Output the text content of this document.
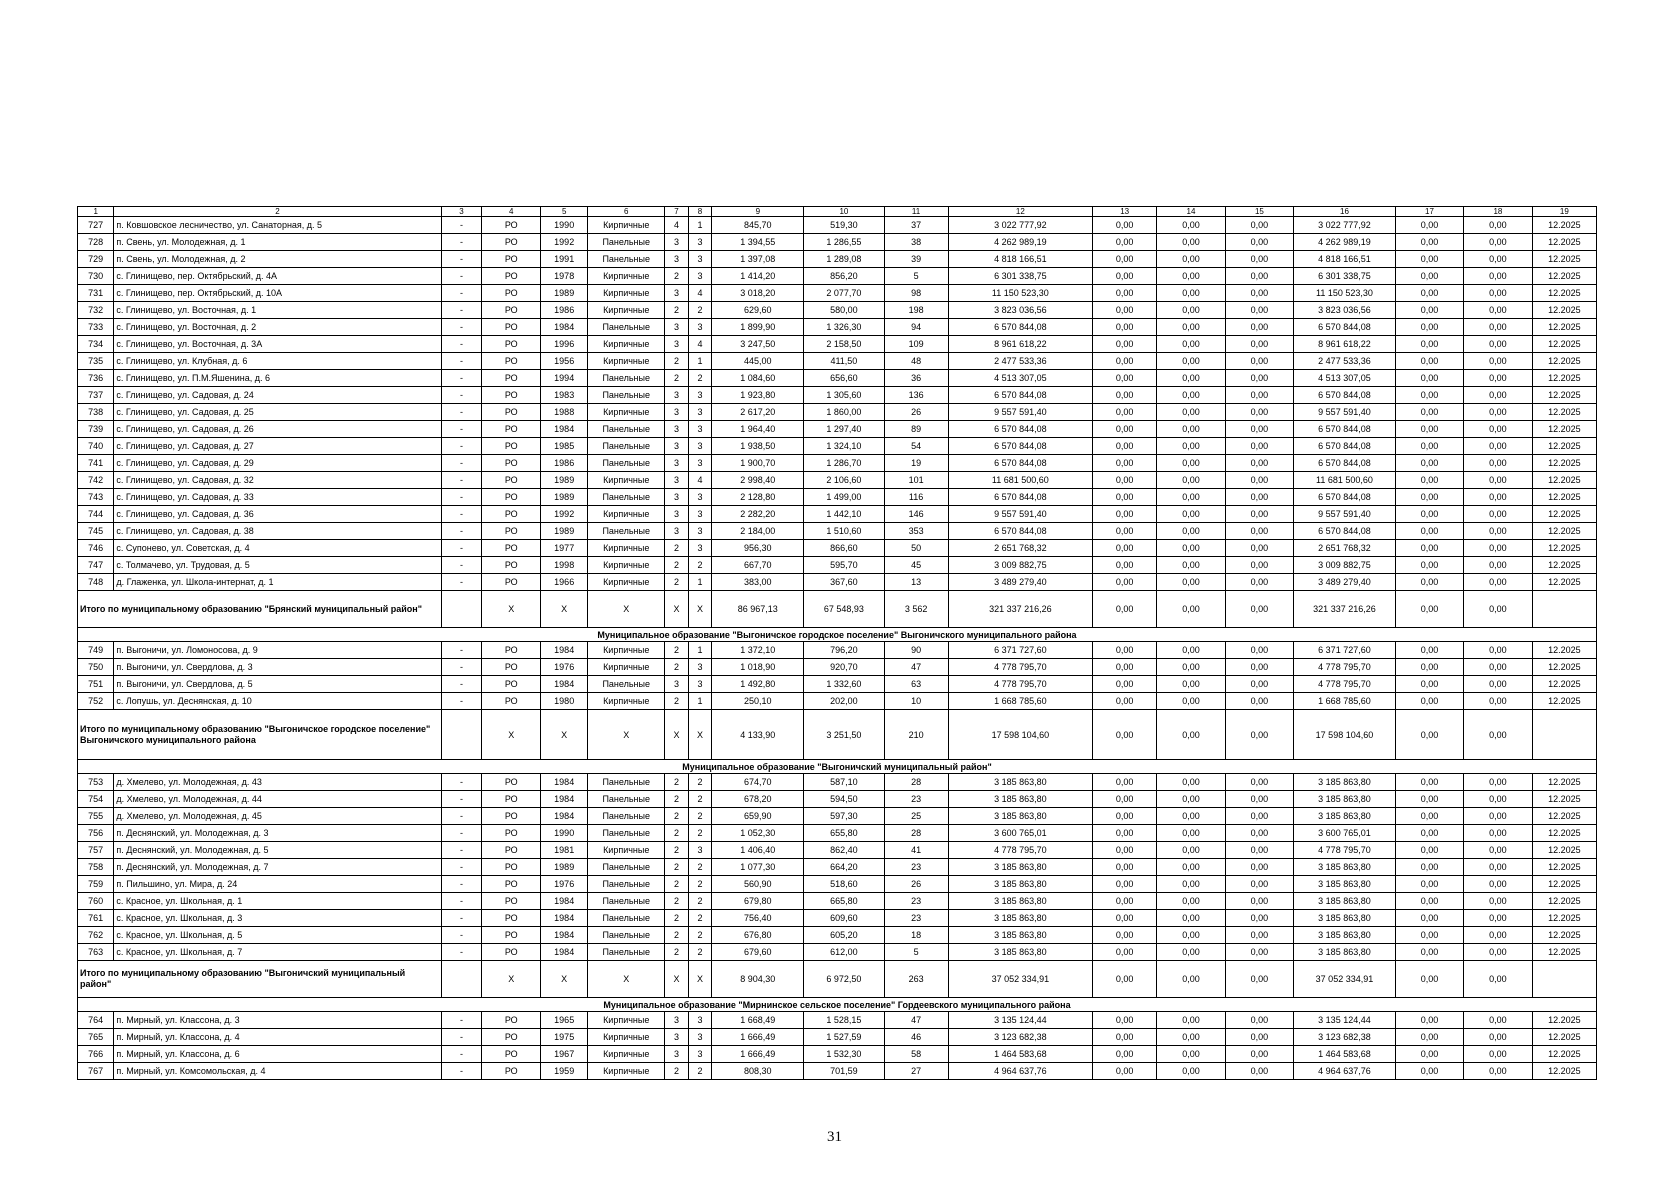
1	2	3	4	5	6	7	8	9	10	11	12	13	14	15	16	17	18	19
727	п. Ковшовское лесничество, ул. Санаторная, д. 5	-	РО	1990	Кирпичные	4	1	845,70	519,30	37	3 022 777,92	0,00	0,00	0,00	3 022 777,92	0,00	0,00	12.2025
728	п. Свень, ул. Молодежная, д. 1	-	РО	1992	Панельные	3	3	1 394,55	1 286,55	38	4 262 989,19	0,00	0,00	0,00	4 262 989,19	0,00	0,00	12.2025
729	п. Свень, ул. Молодежная, д. 2	-	РО	1991	Панельные	3	3	1 397,08	1 289,08	39	4 818 166,51	0,00	0,00	0,00	4 818 166,51	0,00	0,00	12.2025
730	с. Глинищево, пер. Октябрьский, д. 4А	-	РО	1978	Кирпичные	2	3	1 414,20	856,20	5	6 301 338,75	0,00	0,00	0,00	6 301 338,75	0,00	0,00	12.2025
731	с. Глинищево, пер. Октябрьский, д. 10А	-	РО	1989	Кирпичные	3	4	3 018,20	2 077,70	98	11 150 523,30	0,00	0,00	0,00	11 150 523,30	0,00	0,00	12.2025
732	с. Глинищево, ул. Восточная, д. 1	-	РО	1986	Кирпичные	2	2	629,60	580,00	198	3 823 036,56	0,00	0,00	0,00	3 823 036,56	0,00	0,00	12.2025
733	с. Глинищево, ул. Восточная, д. 2	-	РО	1984	Панельные	3	3	1 899,90	1 326,30	94	6 570 844,08	0,00	0,00	0,00	6 570 844,08	0,00	0,00	12.2025
734	с. Глинищево, ул. Восточная, д. 3А	-	РО	1996	Кирпичные	3	4	3 247,50	2 158,50	109	8 961 618,22	0,00	0,00	0,00	8 961 618,22	0,00	0,00	12.2025
735	с. Глинищево, ул. Клубная, д. 6	-	РО	1956	Кирпичные	2	1	445,00	411,50	48	2 477 533,36	0,00	0,00	0,00	2 477 533,36	0,00	0,00	12.2025
736	с. Глинищево, ул. П.М.Яшенина, д. 6	-	РО	1994	Панельные	2	2	1 084,60	656,60	36	4 513 307,05	0,00	0,00	0,00	4 513 307,05	0,00	0,00	12.2025
737	с. Глинищево, ул. Садовая, д. 24	-	РО	1983	Панельные	3	3	1 923,80	1 305,60	136	6 570 844,08	0,00	0,00	0,00	6 570 844,08	0,00	0,00	12.2025
738	с. Глинищево, ул. Садовая, д. 25	-	РО	1988	Кирпичные	3	3	2 617,20	1 860,00	26	9 557 591,40	0,00	0,00	0,00	9 557 591,40	0,00	0,00	12.2025
739	с. Глинищево, ул. Садовая, д. 26	-	РО	1984	Панельные	3	3	1 964,40	1 297,40	89	6 570 844,08	0,00	0,00	0,00	6 570 844,08	0,00	0,00	12.2025
740	с. Глинищево, ул. Садовая, д. 27	-	РО	1985	Панельные	3	3	1 938,50	1 324,10	54	6 570 844,08	0,00	0,00	0,00	6 570 844,08	0,00	0,00	12.2025
741	с. Глинищево, ул. Садовая, д. 29	-	РО	1986	Панельные	3	3	1 900,70	1 286,70	19	6 570 844,08	0,00	0,00	0,00	6 570 844,08	0,00	0,00	12.2025
742	с. Глинищево, ул. Садовая, д. 32	-	РО	1989	Кирпичные	3	4	2 998,40	2 106,60	101	11 681 500,60	0,00	0,00	0,00	11 681 500,60	0,00	0,00	12.2025
743	с. Глинищево, ул. Садовая, д. 33	-	РО	1989	Панельные	3	3	2 128,80	1 499,00	116	6 570 844,08	0,00	0,00	0,00	6 570 844,08	0,00	0,00	12.2025
744	с. Глинищево, ул. Садовая, д. 36	-	РО	1992	Кирпичные	3	3	2 282,20	1 442,10	146	9 557 591,40	0,00	0,00	0,00	9 557 591,40	0,00	0,00	12.2025
745	с. Глинищево, ул. Садовая, д. 38	-	РО	1989	Панельные	3	3	2 184,00	1 510,60	353	6 570 844,08	0,00	0,00	0,00	6 570 844,08	0,00	0,00	12.2025
746	с. Супонево, ул. Советская, д. 4	-	РО	1977	Кирпичные	2	3	956,30	866,60	50	2 651 768,32	0,00	0,00	0,00	2 651 768,32	0,00	0,00	12.2025
747	с. Толмачево, ул. Трудовая, д. 5	-	РО	1998	Кирпичные	2	2	667,70	595,70	45	3 009 882,75	0,00	0,00	0,00	3 009 882,75	0,00	0,00	12.2025
748	д. Глаженка, ул. Школа-интернат, д. 1	-	РО	1966	Кирпичные	2	1	383,00	367,60	13	3 489 279,40	0,00	0,00	0,00	3 489 279,40	0,00	0,00	12.2025
Итого по муниципальному образованию "Брянский муниципальный район"			X	X	X	X	X	86 967,13	67 548,93	3 562	321 337 216,26	0,00	0,00	0,00	321 337 216,26	0,00	0,00	
Муниципальное образование "Выгоничское городское поселение" Выгоничского муниципального района																		
749	п. Выгоничи, ул. Ломоносова, д. 9	-	РО	1984	Кирпичные	2	1	1 372,10	796,20	90	6 371 727,60	0,00	0,00	0,00	6 371 727,60	0,00	0,00	12.2025
750	п. Выгоничи, ул. Свердлова, д. 3	-	РО	1976	Кирпичные	2	3	1 018,90	920,70	47	4 778 795,70	0,00	0,00	0,00	4 778 795,70	0,00	0,00	12.2025
751	п. Выгоничи, ул. Свердлова, д. 5	-	РО	1984	Панельные	3	3	1 492,80	1 332,60	63	4 778 795,70	0,00	0,00	0,00	4 778 795,70	0,00	0,00	12.2025
752	с. Лопушь, ул. Деснянская, д. 10	-	РО	1980	Кирпичные	2	1	250,10	202,00	10	1 668 785,60	0,00	0,00	0,00	1 668 785,60	0,00	0,00	12.2025
Итого по муниципальному образованию "Выгоничское городское поселение" Выгоничского муниципального района			X	X	X	X	X	4 133,90	3 251,50	210	17 598 104,60	0,00	0,00	0,00	17 598 104,60	0,00	0,00	
Муниципальное образование "Выгоничский муниципальный район"																		
753	д. Хмелево, ул. Молодежная, д. 43	-	РО	1984	Панельные	2	2	674,70	587,10	28	3 185 863,80	0,00	0,00	0,00	3 185 863,80	0,00	0,00	12.2025
754	д. Хмелево, ул. Молодежная, д. 44	-	РО	1984	Панельные	2	2	678,20	594,50	23	3 185 863,80	0,00	0,00	0,00	3 185 863,80	0,00	0,00	12.2025
755	д. Хмелево, ул. Молодежная, д. 45	-	РО	1984	Панельные	2	2	659,90	597,30	25	3 185 863,80	0,00	0,00	0,00	3 185 863,80	0,00	0,00	12.2025
756	п. Деснянский, ул. Молодежная, д. 3	-	РО	1990	Панельные	2	2	1 052,30	655,80	28	3 600 765,01	0,00	0,00	0,00	3 600 765,01	0,00	0,00	12.2025
757	п. Деснянский, ул. Молодежная, д. 5	-	РО	1981	Кирпичные	2	3	1 406,40	862,40	41	4 778 795,70	0,00	0,00	0,00	4 778 795,70	0,00	0,00	12.2025
758	п. Деснянский, ул. Молодежная, д. 7	-	РО	1989	Панельные	2	2	1 077,30	664,20	23	3 185 863,80	0,00	0,00	0,00	3 185 863,80	0,00	0,00	12.2025
759	п. Пильшино, ул. Мира, д. 24	-	РО	1976	Панельные	2	2	560,90	518,60	26	3 185 863,80	0,00	0,00	0,00	3 185 863,80	0,00	0,00	12.2025
760	с. Красное, ул. Школьная, д. 1	-	РО	1984	Панельные	2	2	679,80	665,80	23	3 185 863,80	0,00	0,00	0,00	3 185 863,80	0,00	0,00	12.2025
761	с. Красное, ул. Школьная, д. 3	-	РО	1984	Панельные	2	2	756,40	609,60	23	3 185 863,80	0,00	0,00	0,00	3 185 863,80	0,00	0,00	12.2025
762	с. Красное, ул. Школьная, д. 5	-	РО	1984	Панельные	2	2	676,80	605,20	18	3 185 863,80	0,00	0,00	0,00	3 185 863,80	0,00	0,00	12.2025
763	с. Красное, ул. Школьная, д. 7	-	РО	1984	Панельные	2	2	679,60	612,00	5	3 185 863,80	0,00	0,00	0,00	3 185 863,80	0,00	0,00	12.2025
Итого по муниципальному образованию "Выгоничский муниципальный район"			X	X	X	X	X	8 904,30	6 972,50	263	37 052 334,91	0,00	0,00	0,00	37 052 334,91	0,00	0,00	
Муниципальное образование "Мирнинское сельское поселение" Гордеевского муниципального района																		
764	п. Мирный, ул. Классона, д. 3	-	РО	1965	Кирпичные	3	3	1 668,49	1 528,15	47	3 135 124,44	0,00	0,00	0,00	3 135 124,44	0,00	0,00	12.2025
765	п. Мирный, ул. Классона, д. 4	-	РО	1975	Кирпичные	3	3	1 666,49	1 527,59	46	3 123 682,38	0,00	0,00	0,00	3 123 682,38	0,00	0,00	12.2025
766	п. Мирный, ул. Классона, д. 6	-	РО	1967	Кирпичные	3	3	1 666,49	1 532,30	58	1 464 583,68	0,00	0,00	0,00	1 464 583,68	0,00	0,00	12.2025
767	п. Мирный, ул. Комсомольская, д. 4	-	РО	1959	Кирпичные	2	2	808,30	701,59	27	4 964 637,76	0,00	0,00	0,00	4 964 637,76	0,00	0,00	12.2025
31
